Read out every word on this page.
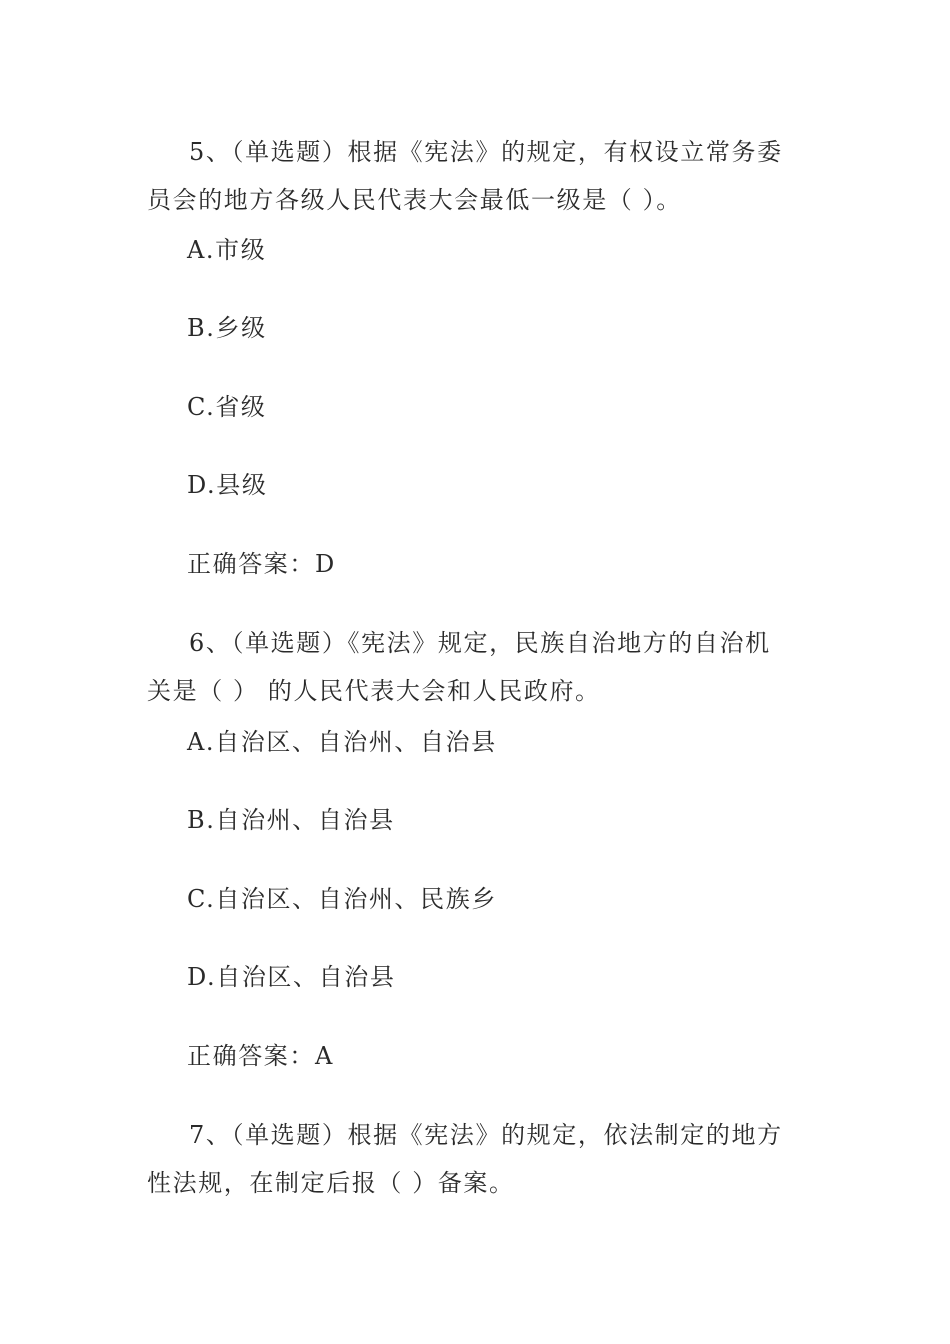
5、（单选题）根据《宪法》的规定，有权设立常务委员会的地方各级人民代表大会最低一级是（ ）。

A.市级

B.乡级

C.省级

D.县级

正确答案：D

6、（单选题）《宪法》规定，民族自治地方的自治机关是（ ） 的人民代表大会和人民政府。

A.自治区、自治州、自治县

B.自治州、自治县

C.自治区、自治州、民族乡

D.自治区、自治县

正确答案：A

7、（单选题）根据《宪法》的规定，依法制定的地方性法规，在制定后报（ ）备案。
